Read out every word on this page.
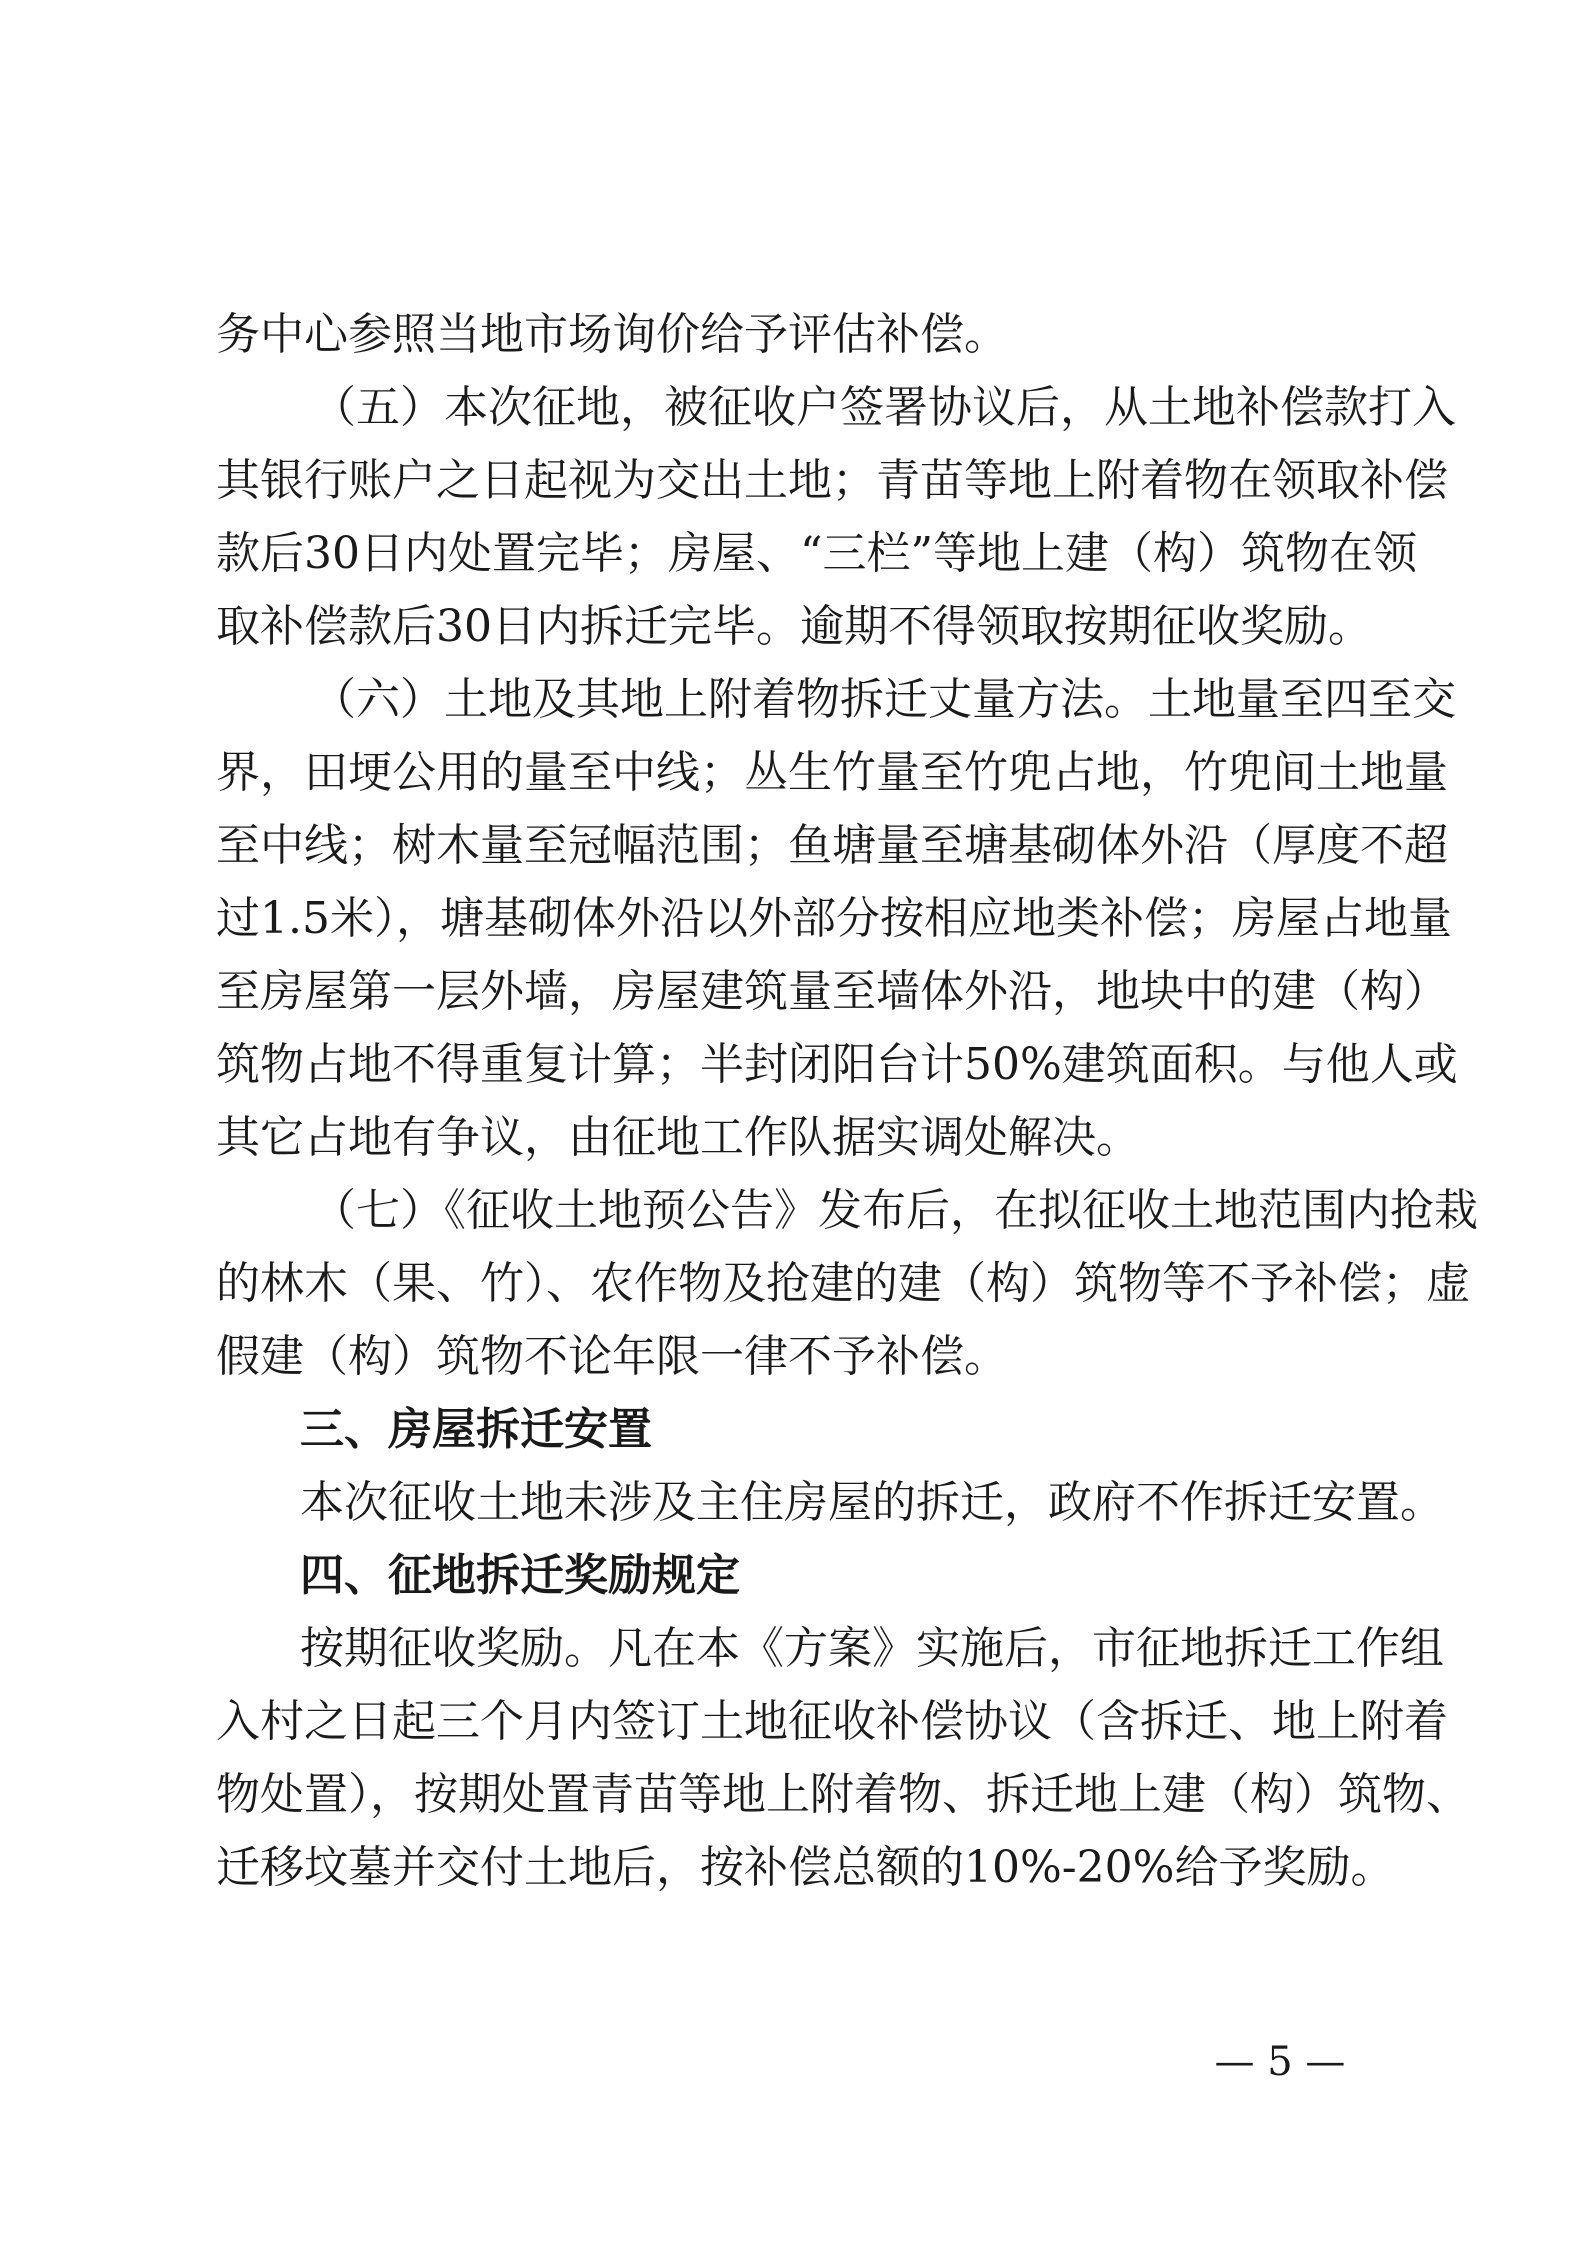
务中心参照当地市场询价给予评估补偿。

（五）本次征地，被征收户签署协议后，从土地补偿款打入

其银行账户之日起视为交出土地；青苗等地上附着物在领取补偿

款后30日内处置完毕；房屋、“三栏”等地上建（构）筑物在领

取补偿款后30日内拆迁完毕。逾期不得领取按期征收奖励。

（六）土地及其地上附着物拆迁丈量方法。土地量至四至交

界，田埂公用的量至中线；丛生竹量至竹兜占地，竹兜间土地量

至中线；树木量至冠幅范围；鱼塘量至塘基砌体外沿（厚度不超

过1.5米），塘基砌体外沿以外部分按相应地类补偿；房屋占地量

至房屋第一层外墙，房屋建筑量至墙体外沿，地块中的建（构）

筑物占地不得重复计算；半封闭阳台计50%建筑面积。与他人或

其它占地有争议，由征地工作队据实调处解决。

（七）《征收土地预公告》发布后，在拟征收土地范围内抢栽

的林木（果、竹）、农作物及抢建的建（构）筑物等不予补偿；虚

假建（构）筑物不论年限一律不予补偿。

三、房屋拆迁安置

本次征收土地未涉及主住房屋的拆迁，政府不作拆迁安置。

四、征地拆迁奖励规定

按期征收奖励。凡在本《方案》实施后，市征地拆迁工作组

入村之日起三个月内签订土地征收补偿协议（含拆迁、地上附着

物处置），按期处置青苗等地上附着物、拆迁地上建（构）筑物、

迁移坟墓并交付土地后，按补偿总额的10%-20%给予奖励。

— 5 —
